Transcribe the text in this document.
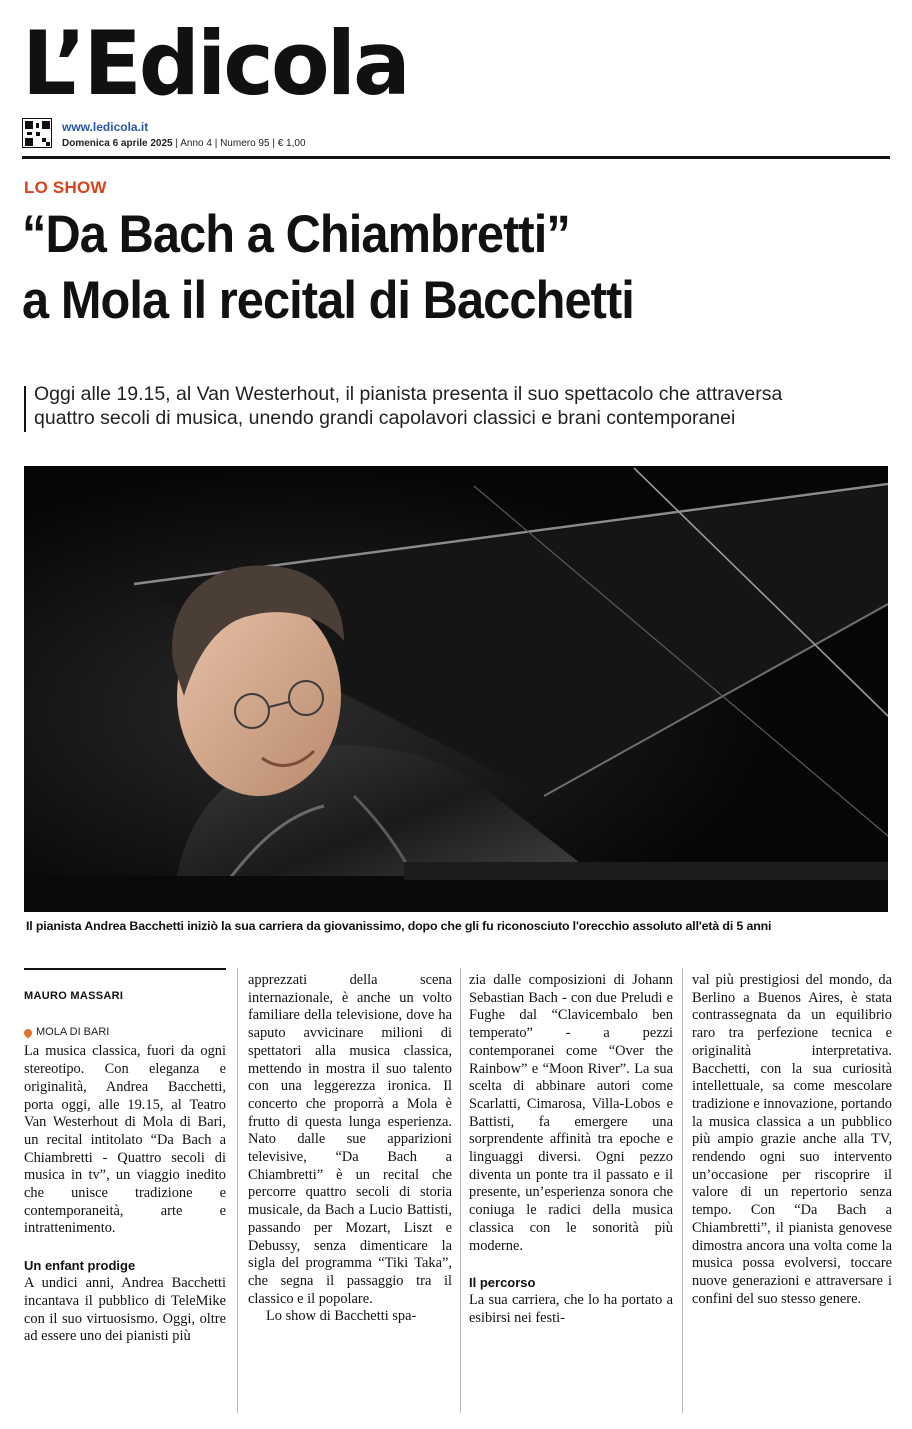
L’Edicola
www.ledicola.it
Domenica 6 aprile 2025 | Anno 4 | Numero 95 | € 1,00
LO SHOW
“Da Bach a Chiambretti”
a Mola il recital di Bacchetti
Oggi alle 19.15, al Van Westerhout, il pianista presenta il suo spettacolo che attraversa
quattro secoli di musica, unendo grandi capolavori classici e brani contemporanei
Il pianista Andrea Bacchetti iniziò la sua carriera da giovanissimo, dopo che gli fu riconosciuto l'orecchio assoluto all'età di 5 anni
MAURO MASSARI
MOLA DI BARI

La musica classica, fuori da ogni stereotipo. Con eleganza e originalità, Andrea Bacchetti, porta oggi, alle 19.15, al Teatro Van Westerhout di Mola di Bari, un recital intitolato “Da Bach a Chiambretti - Quattro secoli di musica in tv”, un viaggio inedito che unisce tradizione e contemporaneità, arte e intrattenimento.

Un enfant prodige

A undici anni, Andrea Bacchetti incantava il pubblico di TeleMike con il suo virtuosismo. Oggi, oltre ad essere uno dei pianisti più

apprezzati della scena internazionale, è anche un volto familiare della televisione, dove ha saputo avvicinare milioni di spettatori alla musica classica, mettendo in mostra il suo talento con una leggerezza ironica. Il concerto che proporrà a Mola è frutto di questa lunga esperienza. Nato dalle sue apparizioni televisive, “Da Bach a Chiambretti” è un recital che percorre quattro secoli di storia musicale, da Bach a Lucio Battisti, passando per Mozart, Liszt e Debussy, senza dimenticare la sigla del programma “Tiki Taka”, che segna il passaggio tra il classico e il popolare.

Lo show di Bacchetti spa-

zia dalle composizioni di Johann Sebastian Bach - con due Preludi e Fughe dal “Clavicembalo ben temperato” - a pezzi contemporanei come “Over the Rainbow” e “Moon River”. La sua scelta di abbinare autori come Scarlatti, Cimarosa, Villa-Lobos e Battisti, fa emergere una sorprendente affinità tra epoche e linguaggi diversi. Ogni pezzo diventa un ponte tra il passato e il presente, un’esperienza sonora che coniuga le radici della musica classica con le sonorità più moderne.

Il percorso

La sua carriera, che lo ha portato a esibirsi nei festi-

val più prestigiosi del mondo, da Berlino a Buenos Aires, è stata contrassegnata da un equilibrio raro tra perfezione tecnica e originalità interpretativa. Bacchetti, con la sua curiosità intellettuale, sa come mescolare tradizione e innovazione, portando la musica classica a un pubblico più ampio grazie anche alla TV, rendendo ogni suo intervento un’occasione per riscoprire il valore di un repertorio senza tempo. Con “Da Bach a Chiambretti”, il pianista genovese dimostra ancora una volta come la musica possa evolversi, toccare nuove generazioni e attraversare i confini del suo stesso genere.
